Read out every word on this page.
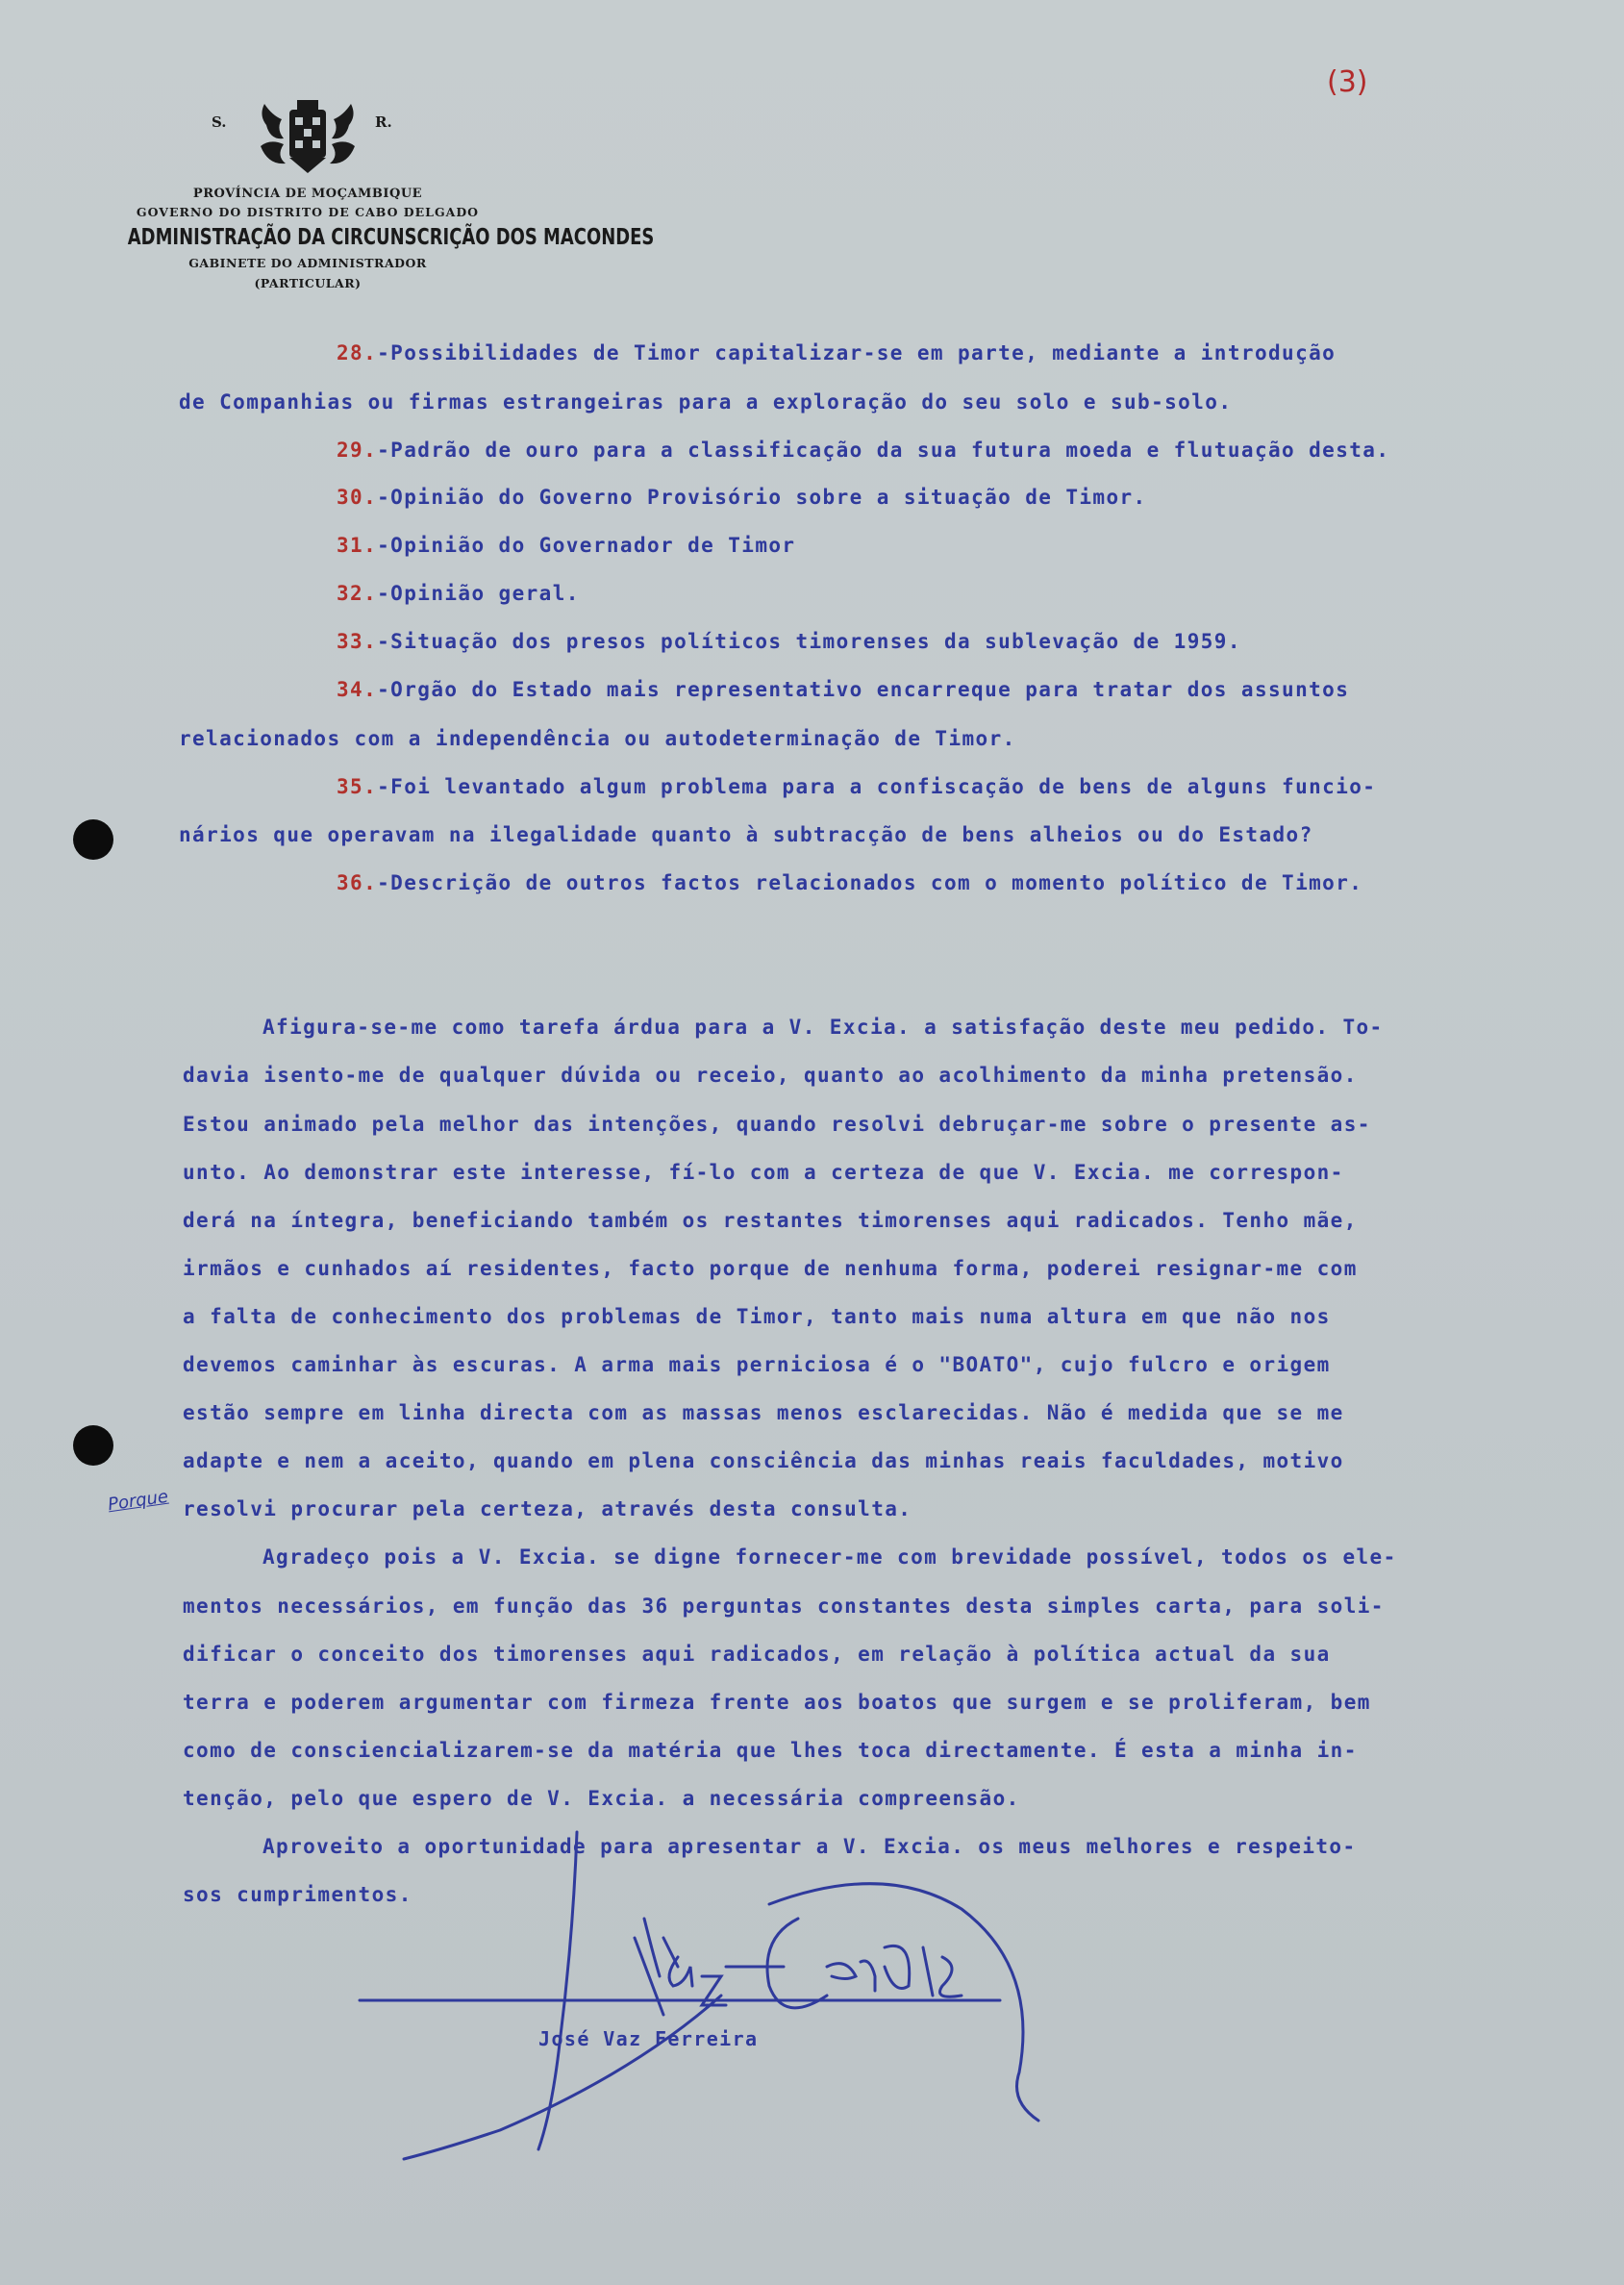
(3)
S.	R.
PROVÍNCIA DE MOÇAMBIQUE
GOVERNO DO DISTRITO DE CABO DELGADO
ADMINISTRAÇÃO DA CIRCUNSCRIÇÃO DOS MACONDES
GABINETE DO ADMINISTRADOR
(PARTICULAR)
28.-Possibilidades de Timor capitalizar-se em parte, mediante a introdução
de Companhias ou firmas estrangeiras para a exploração do seu solo e sub-solo.
29.-Padrão de ouro para a classificação da sua futura moeda e flutuação desta.
30.-Opinião do Governo Provisório sobre a situação de Timor.
31.-Opinião do Governador de Timor
32.-Opinião geral.
33.-Situação dos presos políticos timorenses da sublevação de 1959.
34.-Orgão do Estado mais representativo encarreque para tratar dos assuntos
relacionados com a independência ou autodeterminação de Timor.
35.-Foi levantado algum problema para a confiscação de bens de alguns funcio-
nários que operavam na ilegalidade quanto à subtracção de bens alheios ou do Estado?
36.-Descrição de outros factos relacionados com o momento político de Timor.
Afigura-se-me como tarefa árdua para a V. Excia. a satisfação deste meu pedido. To-
davia isento-me de qualquer dúvida ou receio, quanto ao acolhimento da minha pretensão.
Estou animado pela melhor das intenções, quando resolvi debruçar-me sobre o presente as-
unto. Ao demonstrar este interesse, fí-lo com a certeza de que V. Excia. me correspon-
derá na íntegra, beneficiando também os restantes timorenses aqui radicados. Tenho mãe,
irmãos e cunhados aí residentes, facto porque de nenhuma forma, poderei resignar-me com
a falta de conhecimento dos problemas de Timor, tanto mais numa altura em que não nos
devemos caminhar às escuras. A arma mais perniciosa é o "BOATO", cujo fulcro e origem
estão sempre em linha directa com as massas menos esclarecidas. Não é medida que se me
adapte e nem a aceito, quando em plena consciência das minhas reais faculdades, motivo
resolvi procurar pela certeza, através desta consulta.
Porque
Agradeço pois a V. Excia. se digne fornecer-me com brevidade possível, todos os ele-
mentos necessários, em função das 36 perguntas constantes desta simples carta, para soli-
dificar o conceito dos timorenses aqui radicados, em relação à política actual da sua
terra e poderem argumentar com firmeza frente aos boatos que surgem e se proliferam, bem
como de consciencializarem-se da matéria que lhes toca directamente. É esta a minha in-
tenção, pelo que espero de V. Excia. a necessária compreensão.
Aproveito a oportunidade para apresentar a V. Excia. os meus melhores e respeito-
sos cumprimentos.
José Vaz Ferreira
